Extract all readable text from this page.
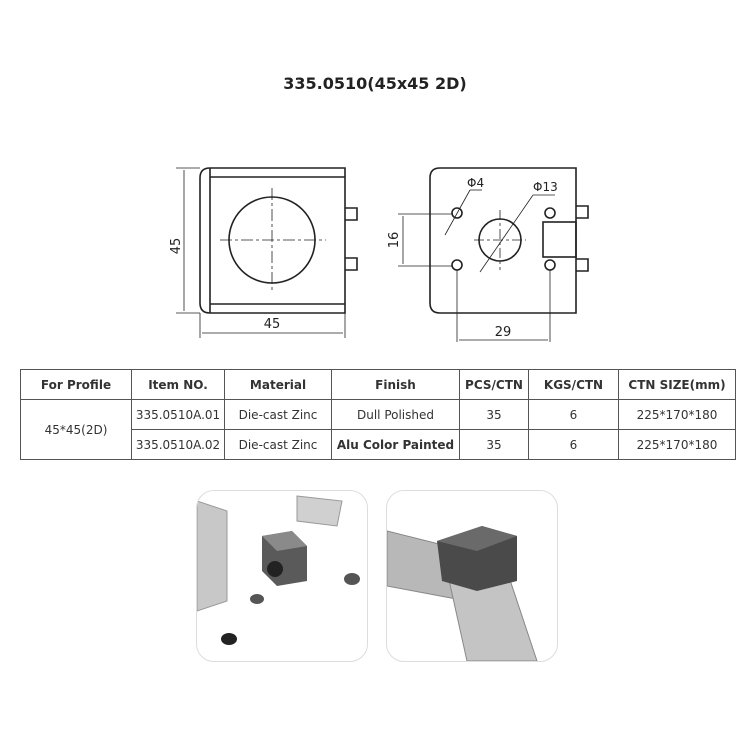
335.0510(45x45 2D)
45
45
16
29
Φ4	Φ13
For Profile	Item NO.	Material	Finish	PCS/CTN	KGS/CTN	CTN SIZE(mm)
45*45(2D)	335.0510A.01	Die-cast Zinc	Dull Polished	35	6	225*170*180
	335.0510A.02	Die-cast Zinc	Alu Color Painted	35	6	225*170*180
